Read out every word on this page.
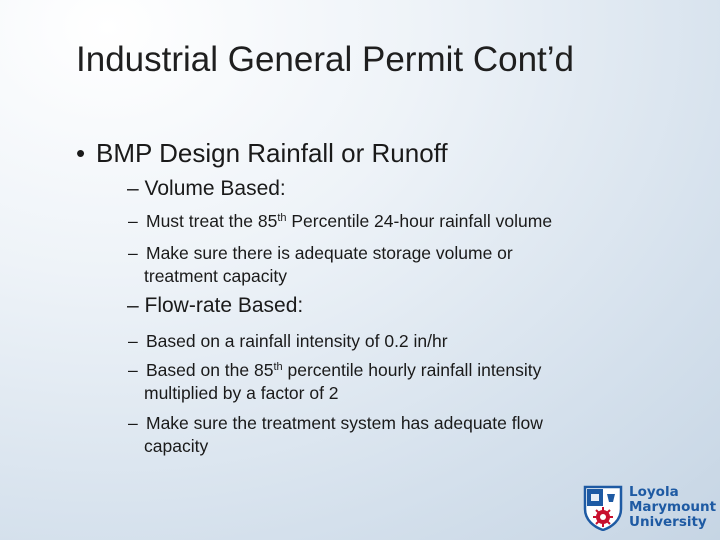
Industrial General Permit Cont’d
• BMP Design Rainfall or Runoff
– Volume Based:
– Must treat the 85th Percentile 24-hour rainfall volume
– Make sure there is adequate storage volume or
treatment capacity
– Flow-rate Based:
– Based on a rainfall intensity of 0.2 in/hr
– Based on the 85th percentile hourly rainfall intensity
multiplied by a factor of 2
– Make sure the treatment system has adequate flow
capacity
Loyola
Marymount
University
